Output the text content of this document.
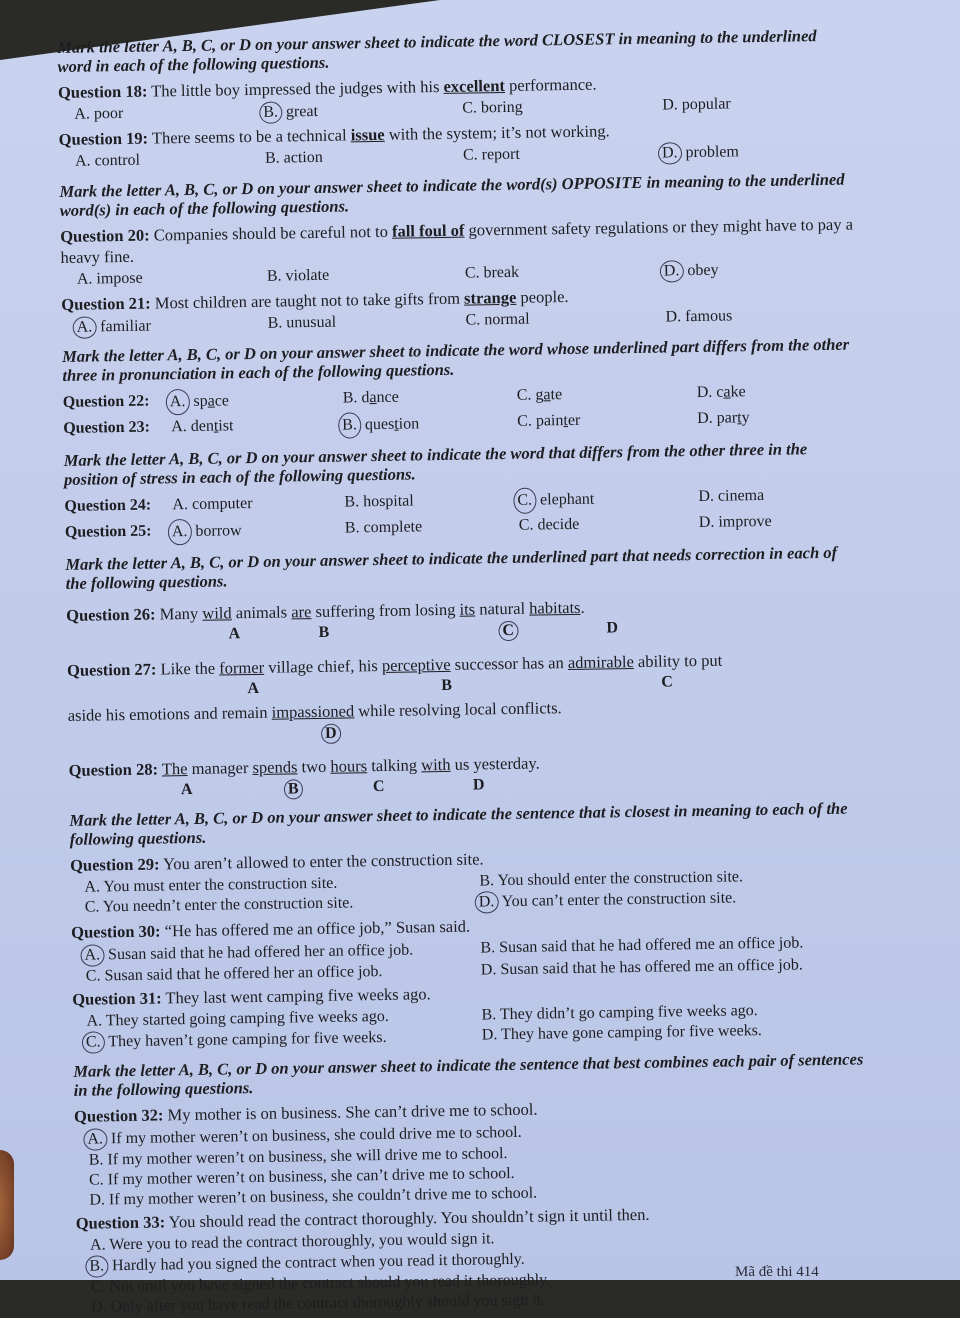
Mark the letter A, B, C, or D on your answer sheet to indicate the word CLOSEST in meaning to the underlined word in each of the following questions.
Question 18: The little boy impressed the judges with his excellent performance.
A. poor	B. great	C. boring	D. popular
Question 19: There seems to be a technical issue with the system; it’s not working.
A. control	B. action	C. report	D. problem
Mark the letter A, B, C, or D on your answer sheet to indicate the word(s) OPPOSITE in meaning to the underlined word(s) in each of the following questions.
Question 20: Companies should be careful not to fall foul of government safety regulations or they might have to pay a heavy fine.
A. impose	B. violate	C. break	D. obey
Question 21: Most children are taught not to take gifts from strange people.
A. familiar	B. unusual	C. normal	D. famous
Mark the letter A, B, C, or D on your answer sheet to indicate the word whose underlined part differs from the other three in pronunciation in each of the following questions.
Question 22:	A. space	B. dance	C. gate	D. cake
Question 23:	A. dentist	B. question	C. painter	D. party
Mark the letter A, B, C, or D on your answer sheet to indicate the word that differs from the other three in the position of stress in each of the following questions.
Question 24:	A. computer	B. hospital	C. elephant	D. cinema
Question 25:	A. borrow	B. complete	C. decide	D. improve
Mark the letter A, B, C, or D on your answer sheet to indicate the underlined part that needs correction in each of the following questions.
Question 26: Many wild animals are suffering from losing its natural habitats.
A	B	C	D
Question 27: Like the former village chief, his perceptive successor has an admirable ability to put
A	B	C
aside his emotions and remain impassioned while resolving local conflicts.
D
Question 28: The manager spends two hours talking with us yesterday.
A	B	C	D
Mark the letter A, B, C, or D on your answer sheet to indicate the sentence that is closest in meaning to each of the following questions.
Question 29: You aren’t allowed to enter the construction site.
A. You must enter the construction site.	B. You should enter the construction site.
C. You needn’t enter the construction site.	D. You can’t enter the construction site.
Question 30: “He has offered me an office job,” Susan said.
A. Susan said that he had offered her an office job.	B. Susan said that he had offered me an office job.
C. Susan said that he offered her an office job.	D. Susan said that he has offered me an office job.
Question 31: They last went camping five weeks ago.
A. They started going camping five weeks ago.	B. They didn’t go camping five weeks ago.
C. They haven’t gone camping for five weeks.	D. They have gone camping for five weeks.
Mark the letter A, B, C, or D on your answer sheet to indicate the sentence that best combines each pair of sentences in the following questions.
Question 32: My mother is on business. She can’t drive me to school.
A. If my mother weren’t on business, she could drive me to school.
B. If my mother weren’t on business, she will drive me to school.
C. If my mother weren’t on business, she can’t drive me to school.
D. If my mother weren’t on business, she couldn’t drive me to school.
Question 33: You should read the contract thoroughly. You shouldn’t sign it until then.
A. Were you to read the contract thoroughly, you would sign it.
B. Hardly had you signed the contract when you read it thoroughly.
C. Not until you have signed the contract should you read it thoroughly.
D. Only after you have read the contract thoroughly should you sign it.
Mã đề thi 414
